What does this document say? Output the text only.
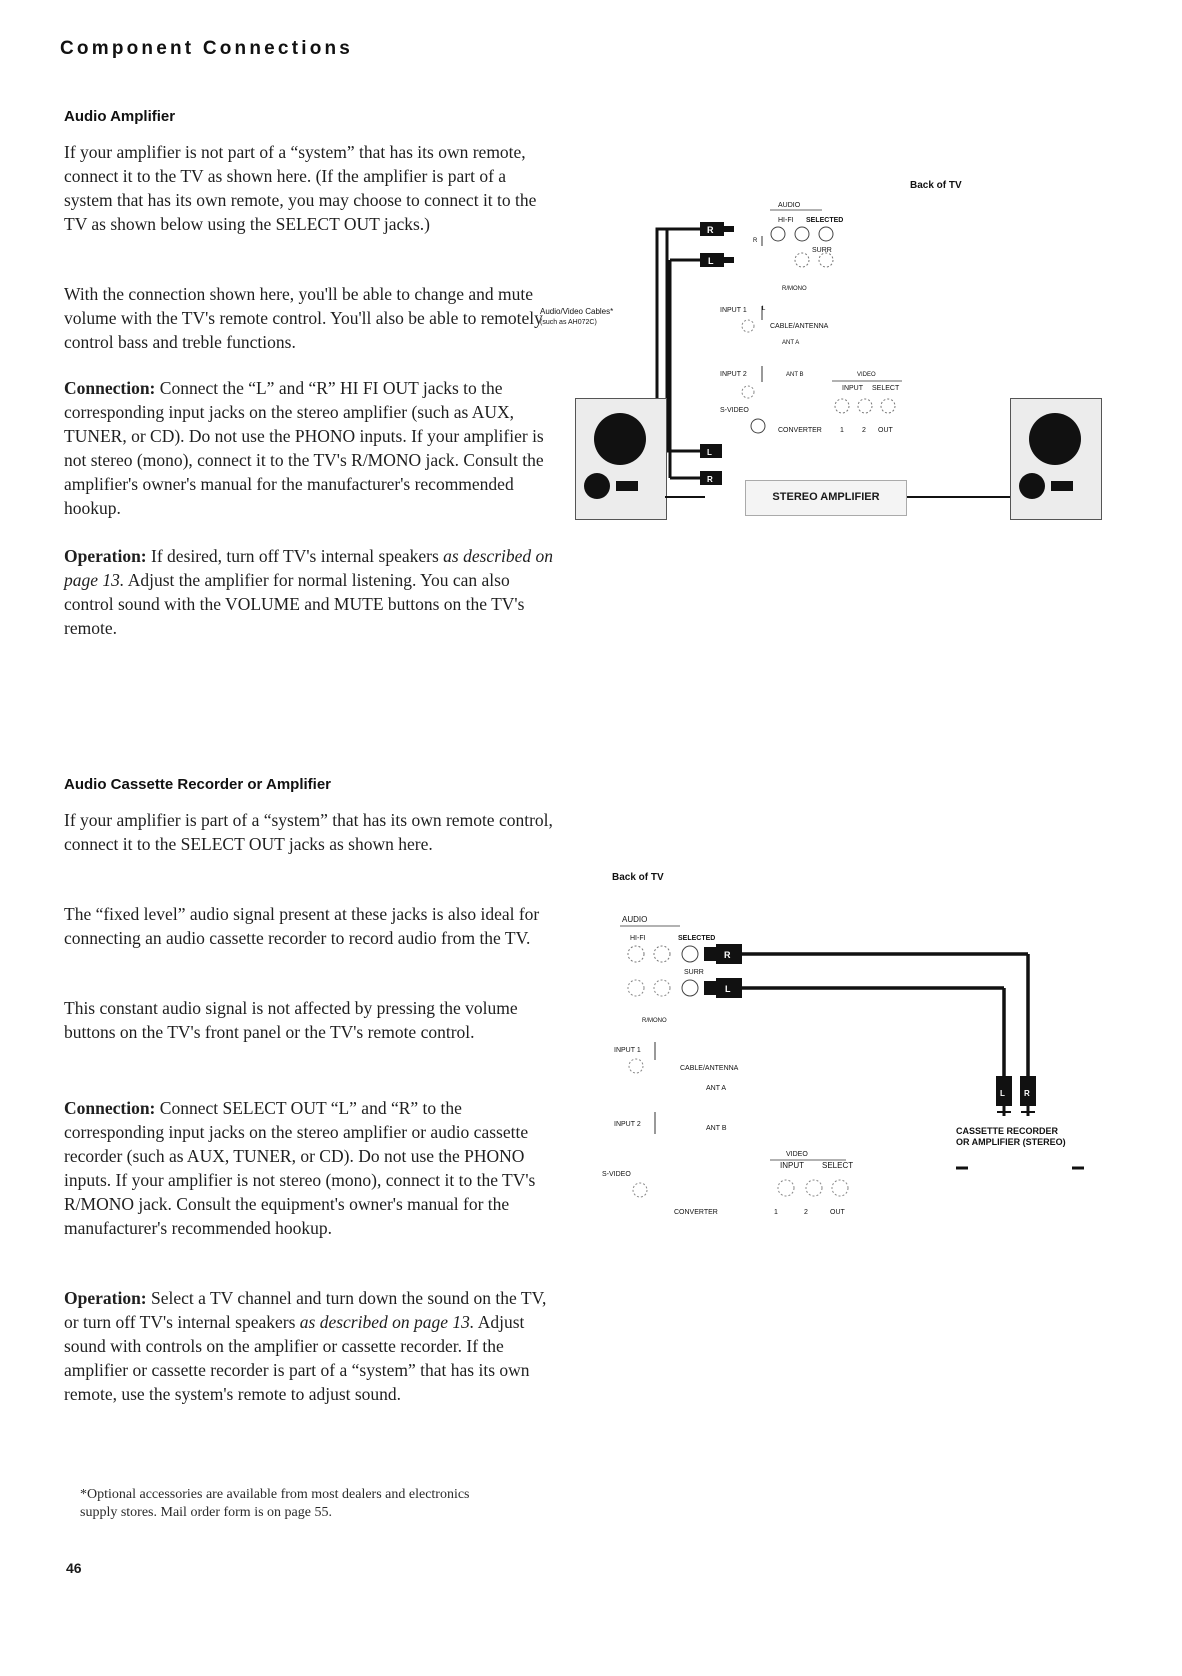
Component Connections
Audio Amplifier
If your amplifier is not part of a “system” that has its own remote, connect it to the TV as shown here. (If the amplifier is part of a system that has its own remote, you may choose to connect it to the TV as shown below using the SELECT OUT jacks.)
With the connection shown here, you'll be able to change and mute volume with the TV's remote control. You'll also be able to remotely control bass and treble functions.
Connection: Connect the “L” and “R” HI FI OUT jacks to the corresponding input jacks on the stereo amplifier (such as AUX, TUNER, or CD). Do not use the PHONO inputs. If your amplifier is not stereo (mono), connect it to the TV's R/MONO jack. Consult the amplifier's owner's manual for the manufacturer's recommended hookup.
Operation: If desired, turn off TV's internal speakers as described on page 13. Adjust the amplifier for normal listening. You can also control sound with the VOLUME and MUTE buttons on the TV's remote.
Back of TV
AUDIO
HI-FI SELECTED
SURR
R/MONO
INPUT 1
CABLE/ANTENNA
ANT A
INPUT 2	ANT B	VIDEO
INPUT SELECT
S-VIDEO
CONVERTER	1	2 OUT
L
R
R
L
L
R
Audio/Video Cables*
(such as AH072C)
STEREO AMPLIFIER
Audio Cassette Recorder or Amplifier
If your amplifier is part of a “system” that has its own remote control, connect it to the SELECT OUT jacks as shown here.
The “fixed level” audio signal present at these jacks is also ideal for connecting an audio cassette recorder to record audio from the TV.
This constant audio signal is not affected by pressing the volume buttons on the TV's front panel or the TV's remote control.
Connection: Connect SELECT OUT “L” and “R” to the corresponding input jacks on the stereo amplifier or audio cassette recorder (such as AUX, TUNER, or CD). Do not use the PHONO inputs. If your amplifier is not stereo (mono), connect it to the TV's R/MONO jack. Consult the equipment's owner's manual for the manufacturer's recommended hookup.
Operation: Select a TV channel and turn down the sound on the TV, or turn off TV's internal speakers as described on page 13. Adjust sound with controls on the amplifier or cassette recorder. If the amplifier or cassette recorder is part of a “system” that has its own remote, use the system's remote to adjust sound.
Back of TV
AUDIO
HI-FI	SELECTED
SURR
R/MONO
INPUT 1
CABLE/ANTENNA
ANT A
INPUT 2
ANT B
VIDEO
INPUT SELECT
S-VIDEO
CONVERTER	1	2	OUT
R
L
L R
CASSETTE RECORDER
OR AMPLIFIER (STEREO)
*Optional accessories are available from most dealers and electronics supply stores. Mail order form is on page 55.
46
